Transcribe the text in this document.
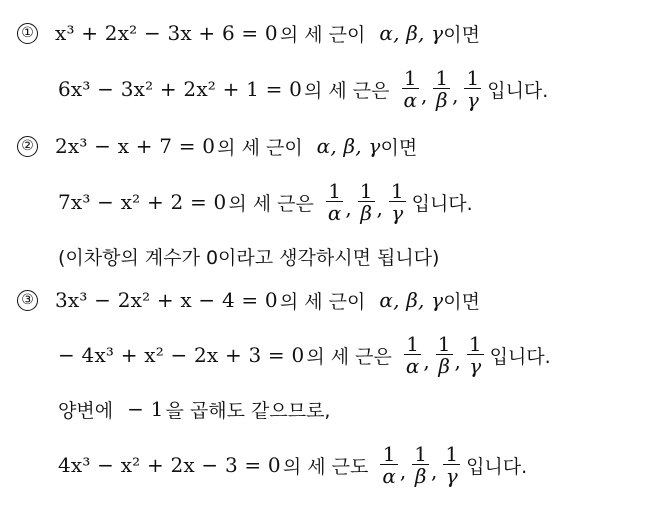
① x³ + 2x² − 3x + 6 = 0 의 세 근이 α, β, γ 이면
6x³ − 3x² + 2x² + 1 = 0 의 세 근은 $\frac{1}{\alpha}$ , $\frac{1}{\beta}$ , $\frac{1}{\gamma}$ 입니다.
② 2x³ − x + 7 = 0 의 세 근이 α, β, γ 이면
7x³ − x² + 2 = 0 의 세 근은 $\frac{1}{\alpha}$ , $\frac{1}{\beta}$ , $\frac{1}{\gamma}$ 입니다.
(이차항의 계수가 0이라고 생각하시면 됩니다)
③ 3x³ − 2x² + x − 4 = 0 의 세 근이 α, β, γ 이면
− 4x³ + x² − 2x + 3 = 0 의 세 근은 $\frac{1}{\alpha}$ , $\frac{1}{\beta}$ , $\frac{1}{\gamma}$ 입니다.
양변에 − 1 을 곱해도 같으므로,
4x³ − x² + 2x − 3 = 0 의 세 근도 $\frac{1}{\alpha}$ , $\frac{1}{\beta}$ , $\frac{1}{\gamma}$ 입니다.
